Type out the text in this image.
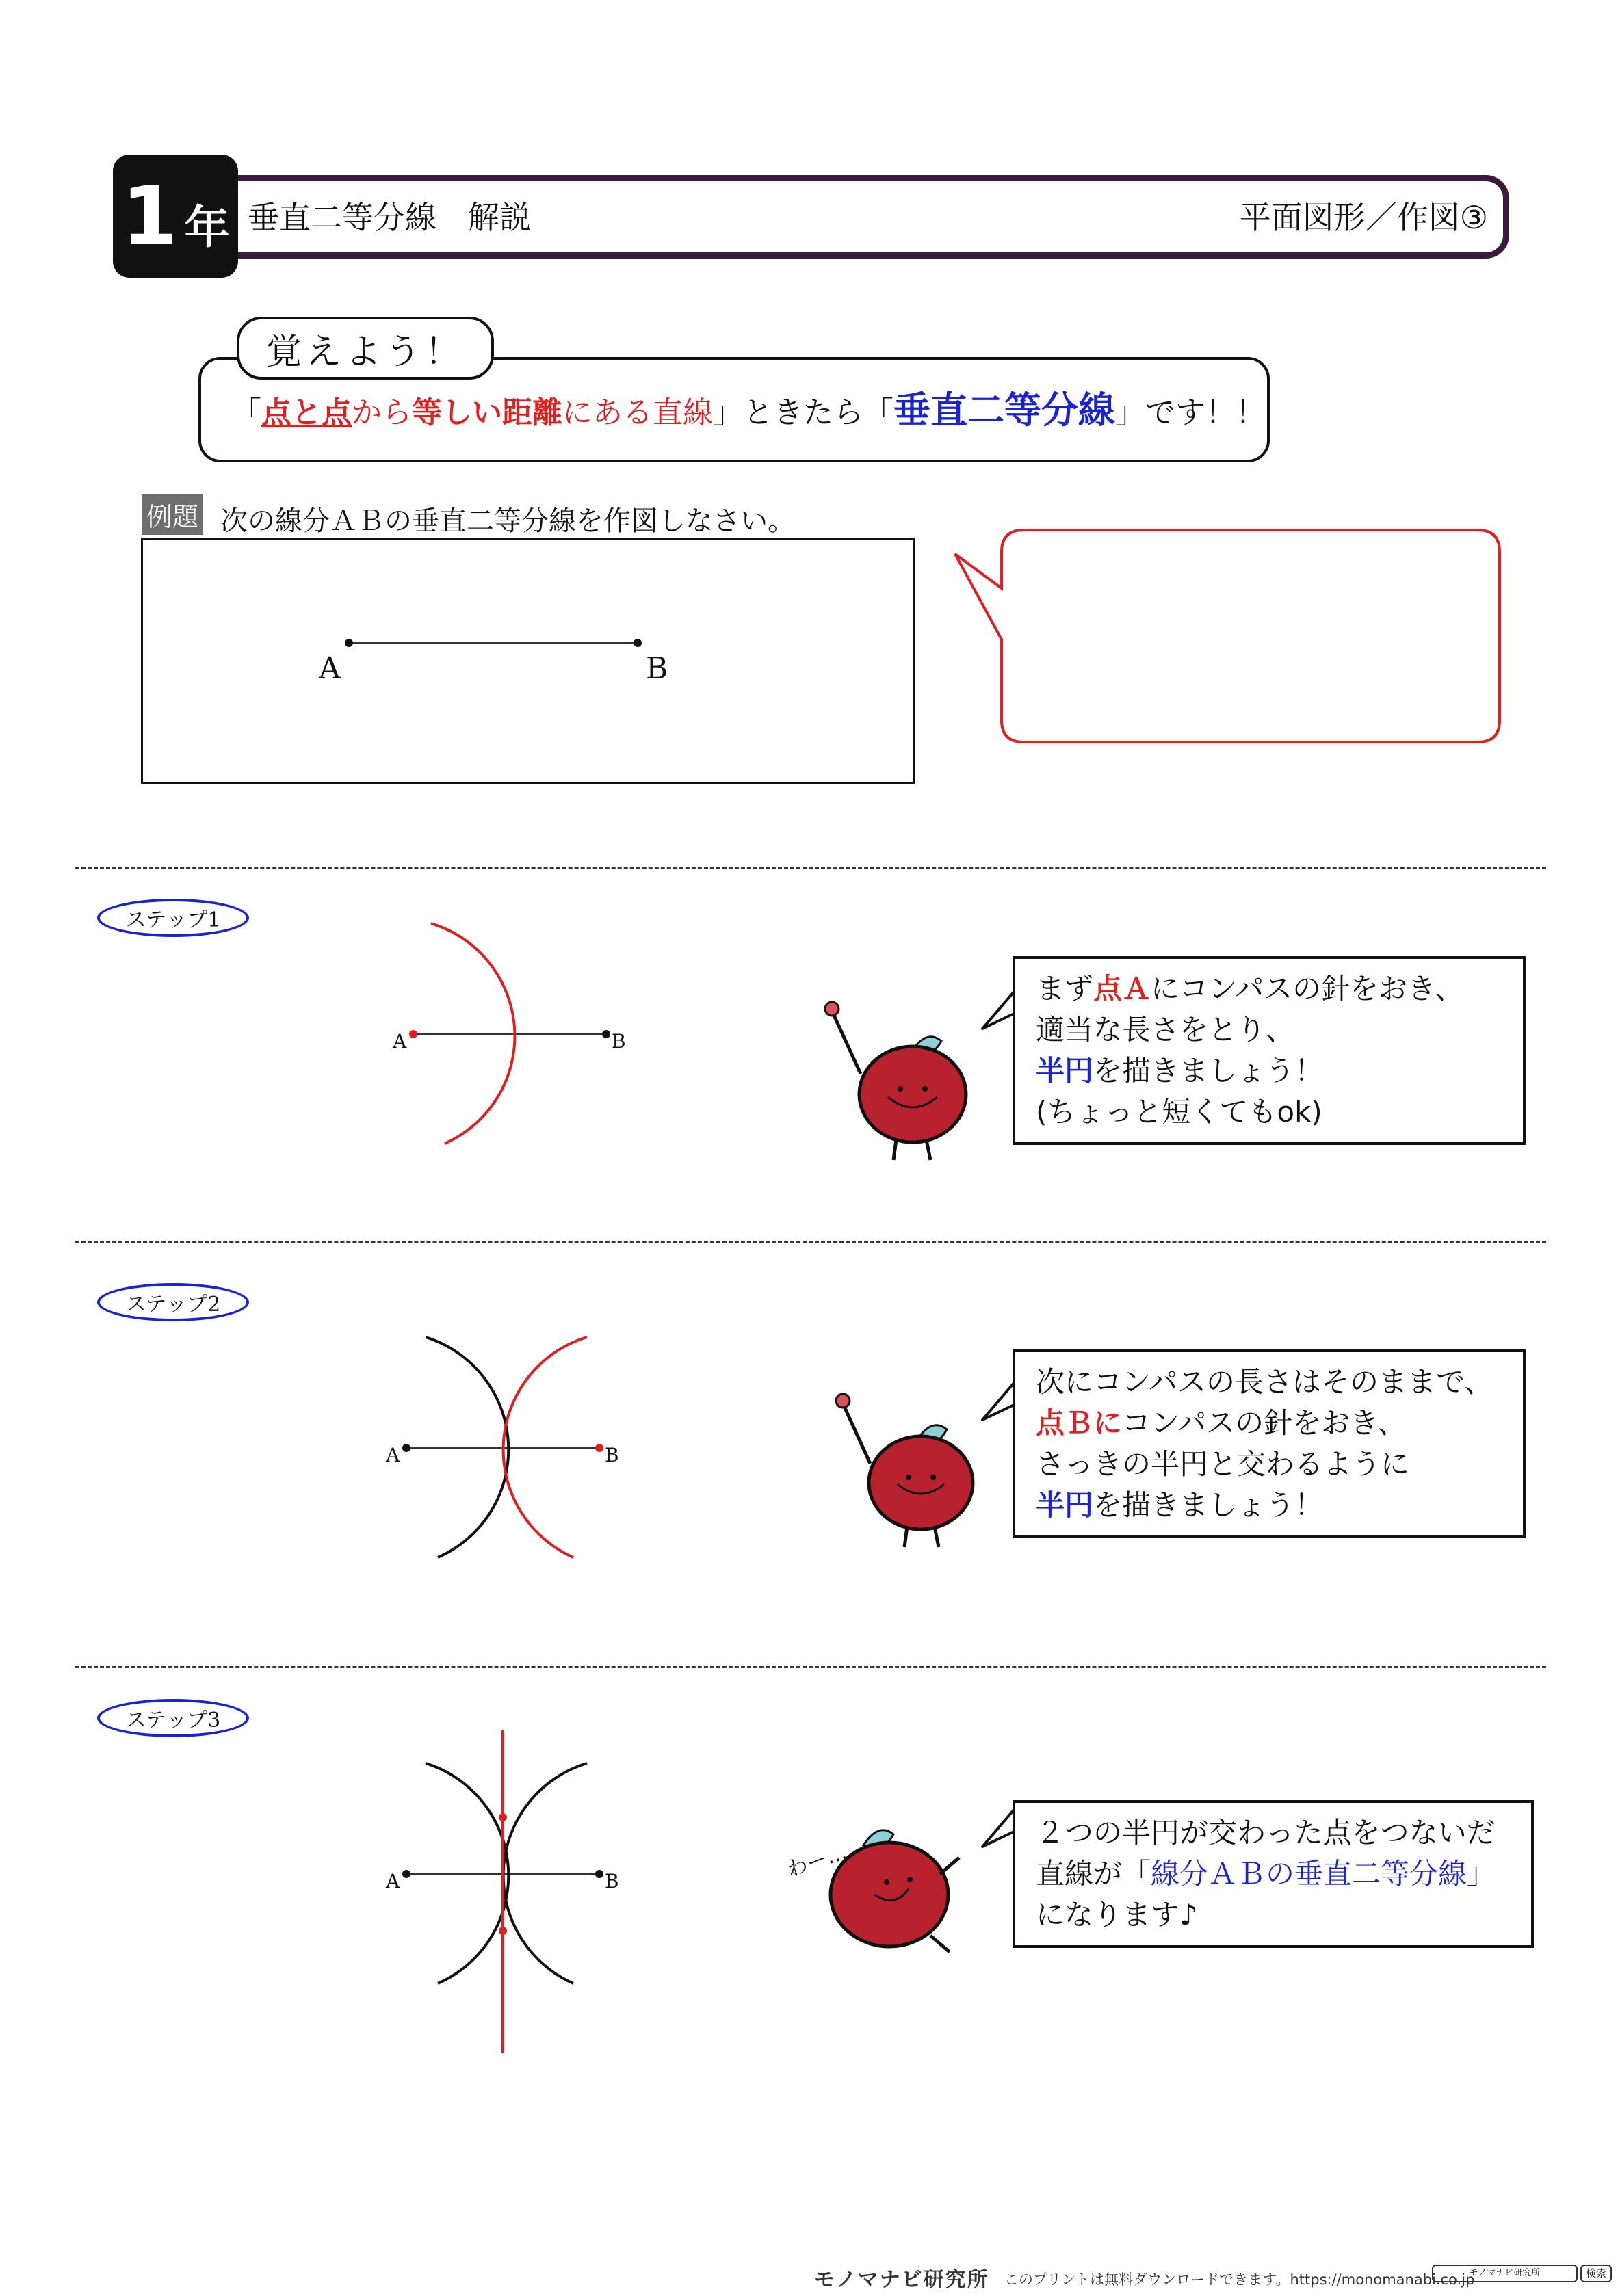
1 年 垂直二等分線　解説	平面図形／作図③
覚えよう！
「点と点から等しい距離にある直線」ときたら「垂直二等分線」です！！
例題 次の線分ＡＢの垂直二等分線を作図しなさい。
ステップ1
ステップ2
ステップ3
わー…
A	B
A	B
A	B
A	B
まず点Ａにコンパスの針をおき、
適当な長さをとり、
半円を描きましょう！
(ちょっと短くてもok)
次にコンパスの長さはそのままで、
点Ｂにコンパスの針をおき、
さっきの半円と交わるように
半円を描きましょう！
２つの半円が交わった点をつないだ
直線が「線分ＡＢの垂直二等分線」
になります♪
モノマナビ研究所 このプリントは無料ダウンロードできます。https://monomanabi.co.jp
モノマナビ研究所	検索
